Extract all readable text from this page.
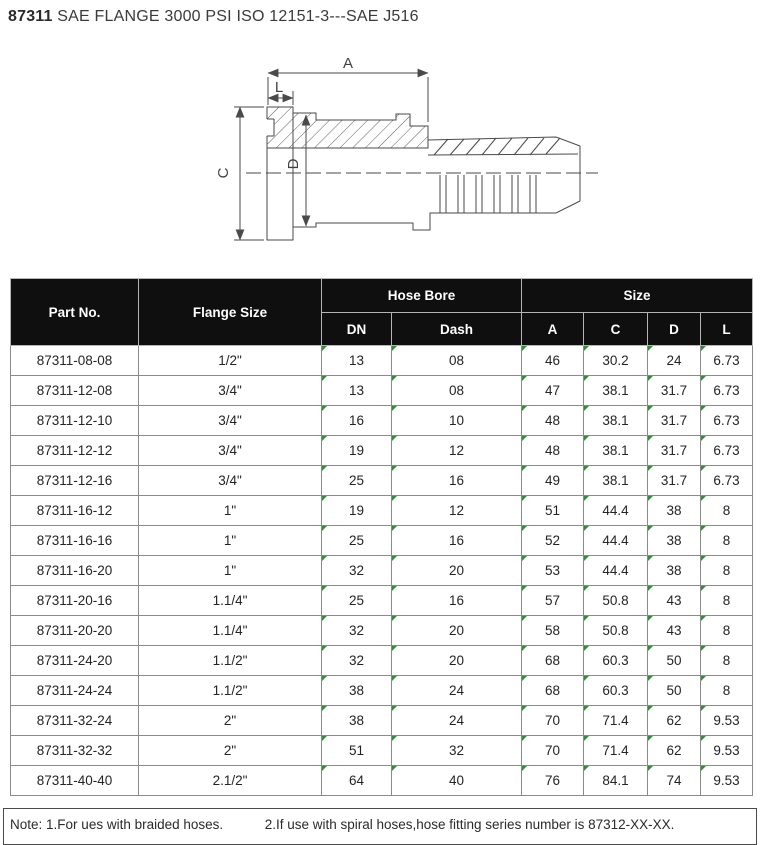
87311 SAE FLANGE 3000 PSI ISO 12151-3---SAE J516
A
L
C
D
Part No.	Flange Size	Hose Bore		Size			
		DN	Dash	A	C	D	L
87311-08-08	1/2"	13	08	46	30.2	24	6.73

87311-12-08	3/4"	13	08	47	38.1	31.7	6.73

87311-12-10	3/4"	16	10	48	38.1	31.7	6.73

87311-12-12	3/4"	19	12	48	38.1	31.7	6.73

87311-12-16	3/4"	25	16	49	38.1	31.7	6.73

87311-16-12	1"	19	12	51	44.4	38	8

87311-16-16	1"	25	16	52	44.4	38	8

87311-16-20	1"	32	20	53	44.4	38	8

87311-20-16	1.1/4"	25	16	57	50.8	43	8

87311-20-20	1.1/4"	32	20	58	50.8	43	8

87311-24-20	1.1/2"	32	20	68	60.3	50	8

87311-24-24	1.1/2"	38	24	68	60.3	50	8

87311-32-24	2"	38	24	70	71.4	62	9.53

87311-32-32	2"	51	32	70	71.4	62	9.53

87311-40-40	2.1/2"	64	40	76	84.1	74	9.53
Note: 1.For ues with braided hoses.	2.If use with spiral hoses,hose fitting series number is 87312-XX-XX.
